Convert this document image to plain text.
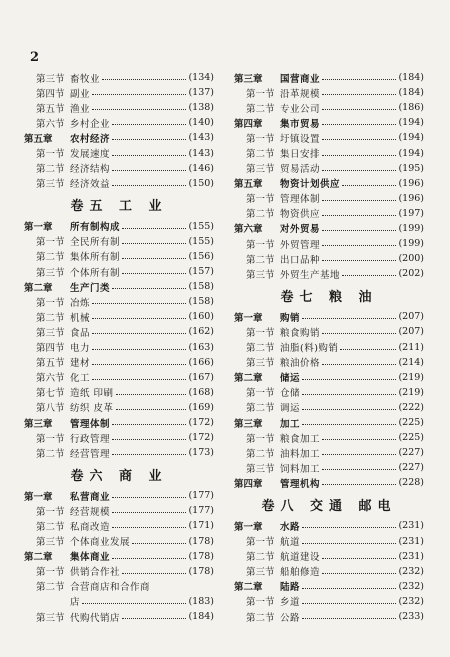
2
第三节 畜牧业	(134)
第四节 副业	(137)
第五节 渔业	(138)
第六节 乡村企业	(140)
第五章	农村经济	(143)
第一节 发展速度	(143)
第二节 经济结构	(146)
第三节 经济效益	(150)
卷五 工 业
第一章	所有制构成	(155)
第一节 全民所有制	(155)
第二节 集体所有制	(156)
第三节 个体所有制	(157)
第二章	生产门类	(158)
第一节 冶炼	(158)
第二节 机械	(160)
第三节 食品	(162)
第四节 电力	(163)
第五节 建材	(166)
第六节 化工	(167)
第七节 造纸 印刷	(168)
第八节 纺织 皮革	(169)
第三章	管理体制	(172)
第一节 行政管理	(172)
第二节 经营管理	(173)
卷六 商 业
第一章	私营商业	(177)
第一节 经营规模	(177)
第二节 私商改造	(171)
第三节 个体商业发展	(178)
第二章	集体商业	(178)
第一节 供销合作社	(178)
第二节 合营商店和合作商
店	(183)
第三节 代购代销店	(184)
第三章	国营商业	(184)
第一节 沿革规模	(184)
第二节 专业公司	(186)
第四章	集市贸易	(194)
第一节 圩镇设置	(194)
第二节 集日安排	(194)
第三节 贸易活动	(195)
第五章	物资计划供应	(196)
第一节 管理体制	(196)
第二节 物资供应	(197)
第六章	对外贸易	(199)
第一节 外贸管理	(199)
第二节 出口品种	(200)
第三节 外贸生产基地	(202)
卷七 粮 油
第一章	购销	(207)
第一节 粮食购销	(207)
第二节 油脂(料)购销	(211)
第三节 粮油价格	(214)
第二章	储运	(219)
第一节 仓储	(219)
第二节 调运	(222)
第三章	加工	(225)
第一节 粮食加工	(225)
第二节 油料加工	(227)
第三节 饲料加工	(227)
第四章	管理机构	(228)
卷八 交通 邮电
第一章	水路	(231)
第一节 航道	(231)
第二节 航道建设	(231)
第三节 船舶修造	(232)
第二章	陆路	(232)
第一节 乡道	(232)
第二节 公路	(233)
